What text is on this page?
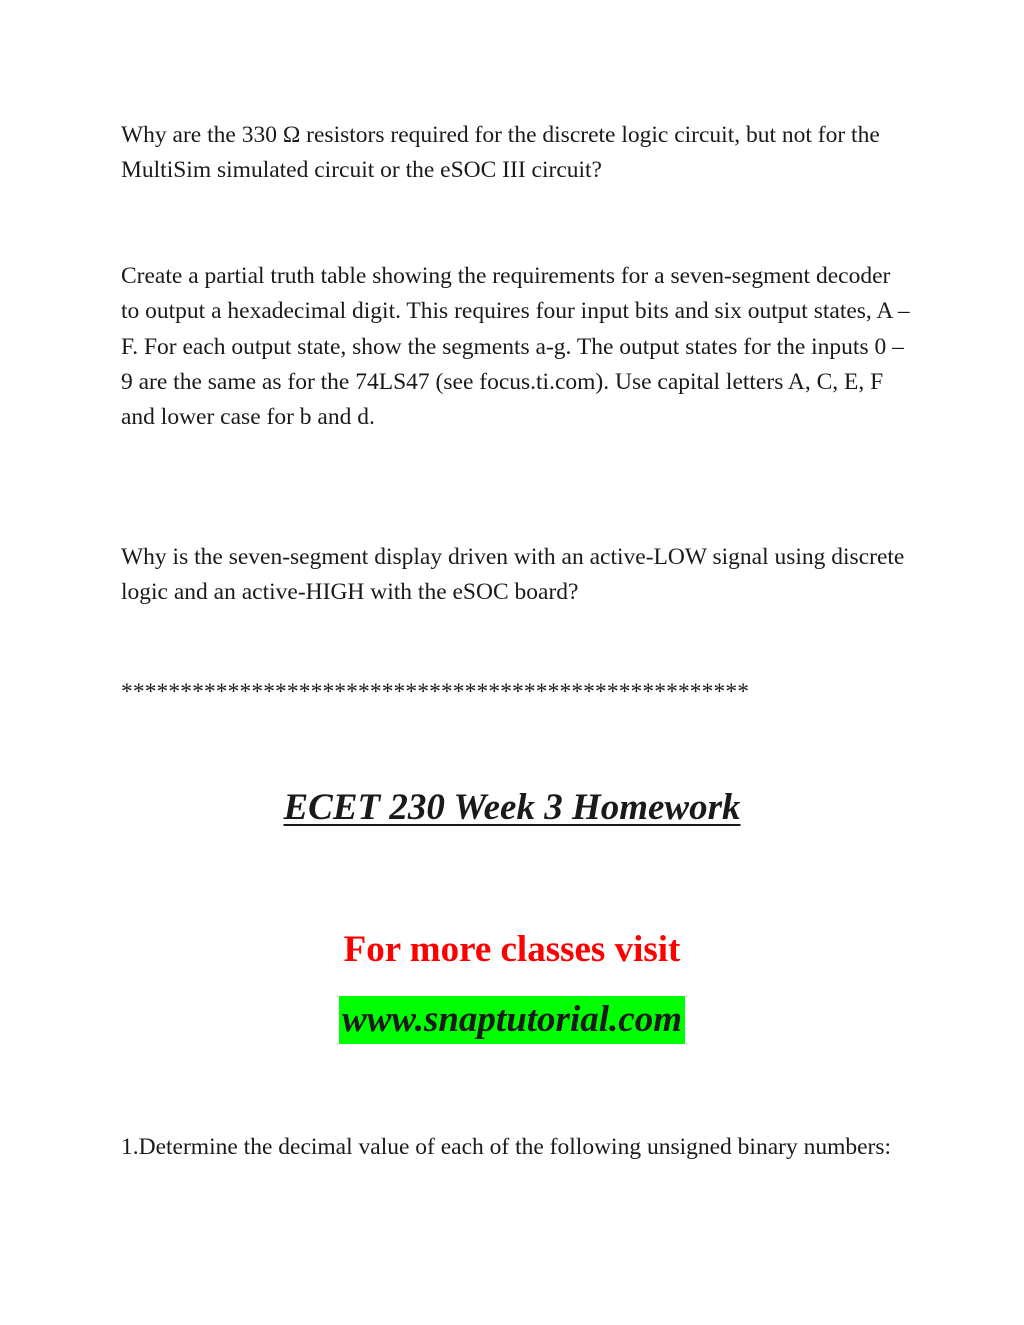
Why are the 330 Ω resistors required for the discrete logic circuit, but not for the MultiSim simulated circuit or the eSOC III circuit?

Create a partial truth table showing the requirements for a seven-segment decoder to output a hexadecimal digit. This requires four input bits and six output states, A – F. For each output state, show the segments a-g. The output states for the inputs 0 – 9 are the same as for the 74LS47 (see focus.ti.com). Use capital letters A, C, E, F and lower case for b and d.

Why is the seven-segment display driven with an active-LOW signal using discrete logic and an active-HIGH with the eSOC board?

*****************************************************

ECET 230 Week 3 Homework

For more classes visit

www.snaptutorial.com

1.Determine the decimal value of each of the following unsigned binary numbers:
